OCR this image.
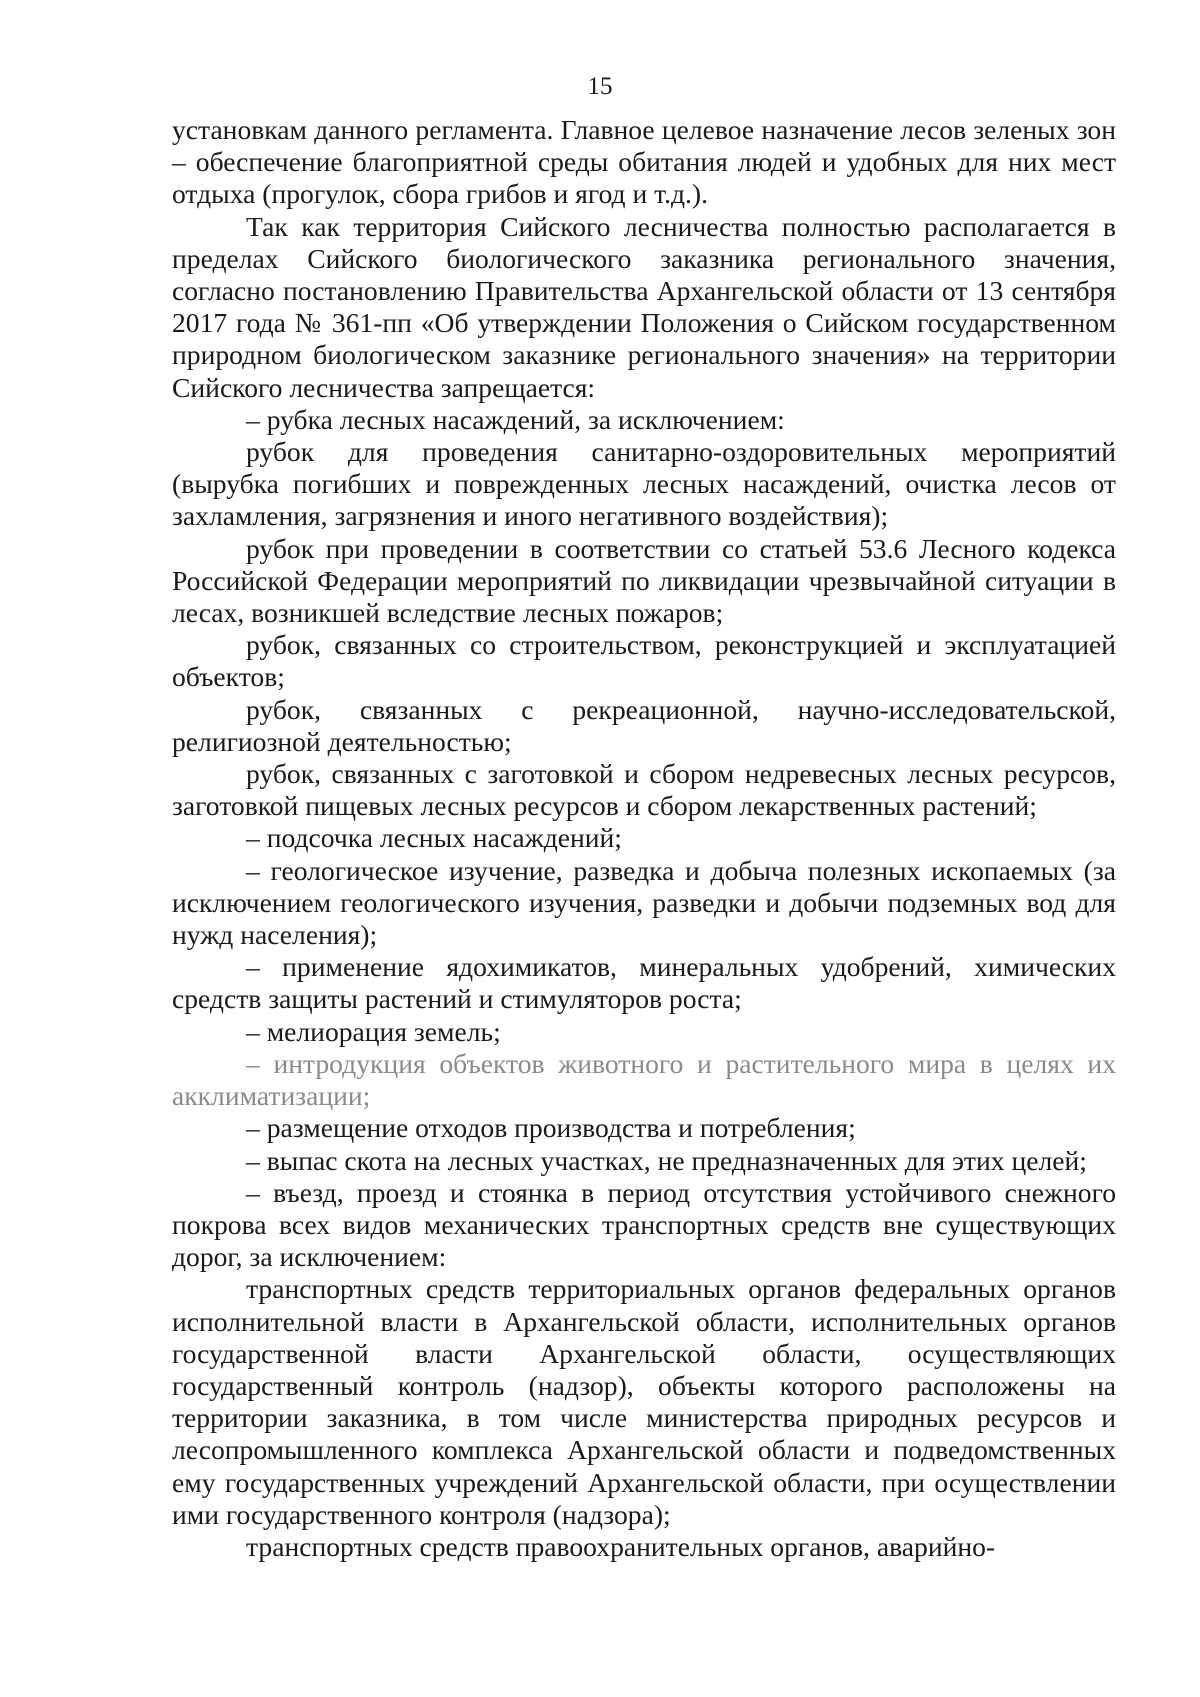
15

установкам данного регламента. Главное целевое назначение лесов зеленых зон – обеспечение благоприятной среды обитания людей и удобных для них мест отдыха (прогулок, сбора грибов и ягод и т.д.).

Так как территория Сийского лесничества полностью располагается в пределах Сийского биологического заказника регионального значения, согласно постановлению Правительства Архангельской области от 13 сентября 2017 года № 361-пп «Об утверждении Положения о Сийском государственном природном биологическом заказнике регионального значения» на территории Сийского лесничества запрещается:

– рубка лесных насаждений, за исключением:

рубок для проведения санитарно-оздоровительных мероприятий (вырубка погибших и поврежденных лесных насаждений, очистка лесов от захламления, загрязнения и иного негативного воздействия);

рубок при проведении в соответствии со статьей 53.6 Лесного кодекса Российской Федерации мероприятий по ликвидации чрезвычайной ситуации в лесах, возникшей вследствие лесных пожаров;

рубок, связанных со строительством, реконструкцией и эксплуатацией объектов;

рубок, связанных с рекреационной, научно-исследовательской, религиозной деятельностью;

рубок, связанных с заготовкой и сбором недревесных лесных ресурсов, заготовкой пищевых лесных ресурсов и сбором лекарственных растений;

– подсочка лесных насаждений;

– геологическое изучение, разведка и добыча полезных ископаемых (за исключением геологического изучения, разведки и добычи подземных вод для нужд населения);

– применение ядохимикатов, минеральных удобрений, химических средств защиты растений и стимуляторов роста;

– мелиорация земель;

– интродукция объектов животного и растительного мира в целях их акклиматизации;

– размещение отходов производства и потребления;

– выпас скота на лесных участках, не предназначенных для этих целей;

– въезд, проезд и стоянка в период отсутствия устойчивого снежного покрова всех видов механических транспортных средств вне существующих дорог, за исключением:

транспортных средств территориальных органов федеральных органов исполнительной власти в Архангельской области, исполнительных органов государственной власти Архангельской области, осуществляющих государственный контроль (надзор), объекты которого расположены на территории заказника, в том числе министерства природных ресурсов и лесопромышленного комплекса Архангельской области и подведомственных ему государственных учреждений Архангельской области, при осуществлении ими государственного контроля (надзора);

транспортных средств правоохранительных органов, аварийно-
